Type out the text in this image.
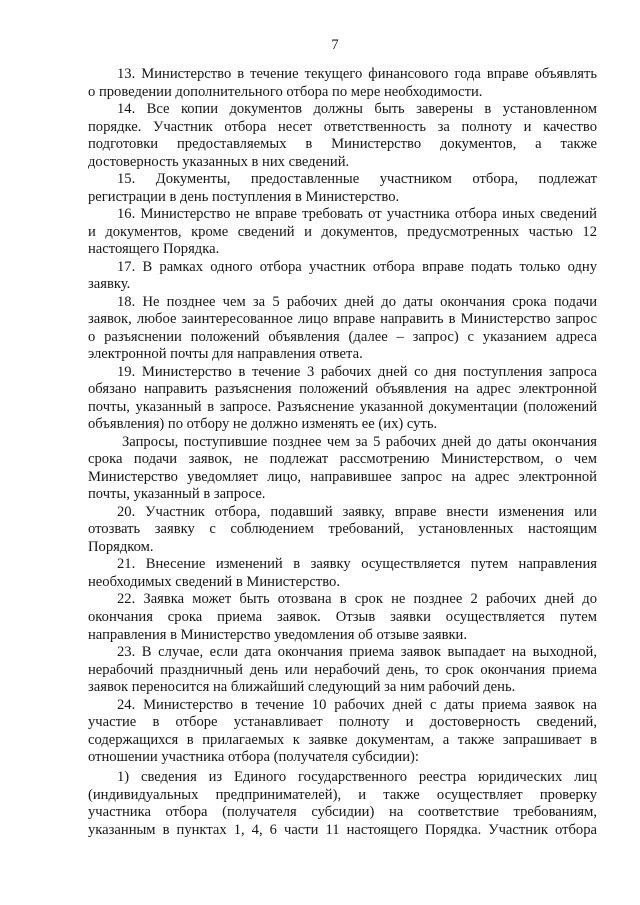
7
13. Министерство в течение текущего финансового года вправе объявлять
о проведении дополнительного отбора по мере необходимости.
14. Все копии документов должны быть заверены в установленном
порядке. Участник отбора несет ответственность за полноту и качество
подготовки предоставляемых в Министерство документов, а также
достоверность указанных в них сведений.
15. Документы, предоставленные участником отбора, подлежат
регистрации в день поступления в Министерство.
16. Министерство не вправе требовать от участника отбора иных сведений
и документов, кроме сведений и документов, предусмотренных частью 12
настоящего Порядка.
17. В рамках одного отбора участник отбора вправе подать только одну
заявку.
18. Не позднее чем за 5 рабочих дней до даты окончания срока подачи
заявок, любое заинтересованное лицо вправе направить в Министерство запрос
о разъяснении положений объявления (далее – запрос) с указанием адреса
электронной почты для направления ответа.
19. Министерство в течение 3 рабочих дней со дня поступления запроса
обязано направить разъяснения положений объявления на адрес электронной
почты, указанный в запросе. Разъяснение указанной документации (положений
объявления) по отбору не должно изменять ее (их) суть.
Запросы, поступившие позднее чем за 5 рабочих дней до даты окончания
срока подачи заявок, не подлежат рассмотрению Министерством, о чем
Министерство уведомляет лицо, направившее запрос на адрес электронной
почты, указанный в запросе.
20. Участник отбора, подавший заявку, вправе внести изменения или
отозвать заявку с соблюдением требований, установленных настоящим
Порядком.
21. Внесение изменений в заявку осуществляется путем направления
необходимых сведений в Министерство.
22. Заявка может быть отозвана в срок не позднее 2 рабочих дней до
окончания срока приема заявок. Отзыв заявки осуществляется путем
направления в Министерство уведомления об отзыве заявки.
23. В случае, если дата окончания приема заявок выпадает на выходной,
нерабочий праздничный день или нерабочий день, то срок окончания приема
заявок переносится на ближайший следующий за ним рабочий день.
24. Министерство в течение 10 рабочих дней с даты приема заявок на
участие в отборе устанавливает полноту и достоверность сведений,
содержащихся в прилагаемых к заявке документам, а также запрашивает в
отношении участника отбора (получателя субсидии):
1) сведения из Единого государственного реестра юридических лиц
(индивидуальных предпринимателей), и также осуществляет проверку
участника отбора (получателя субсидии) на соответствие требованиям,
указанным в пунктах 1, 4, 6 части 11 настоящего Порядка. Участник отбора
